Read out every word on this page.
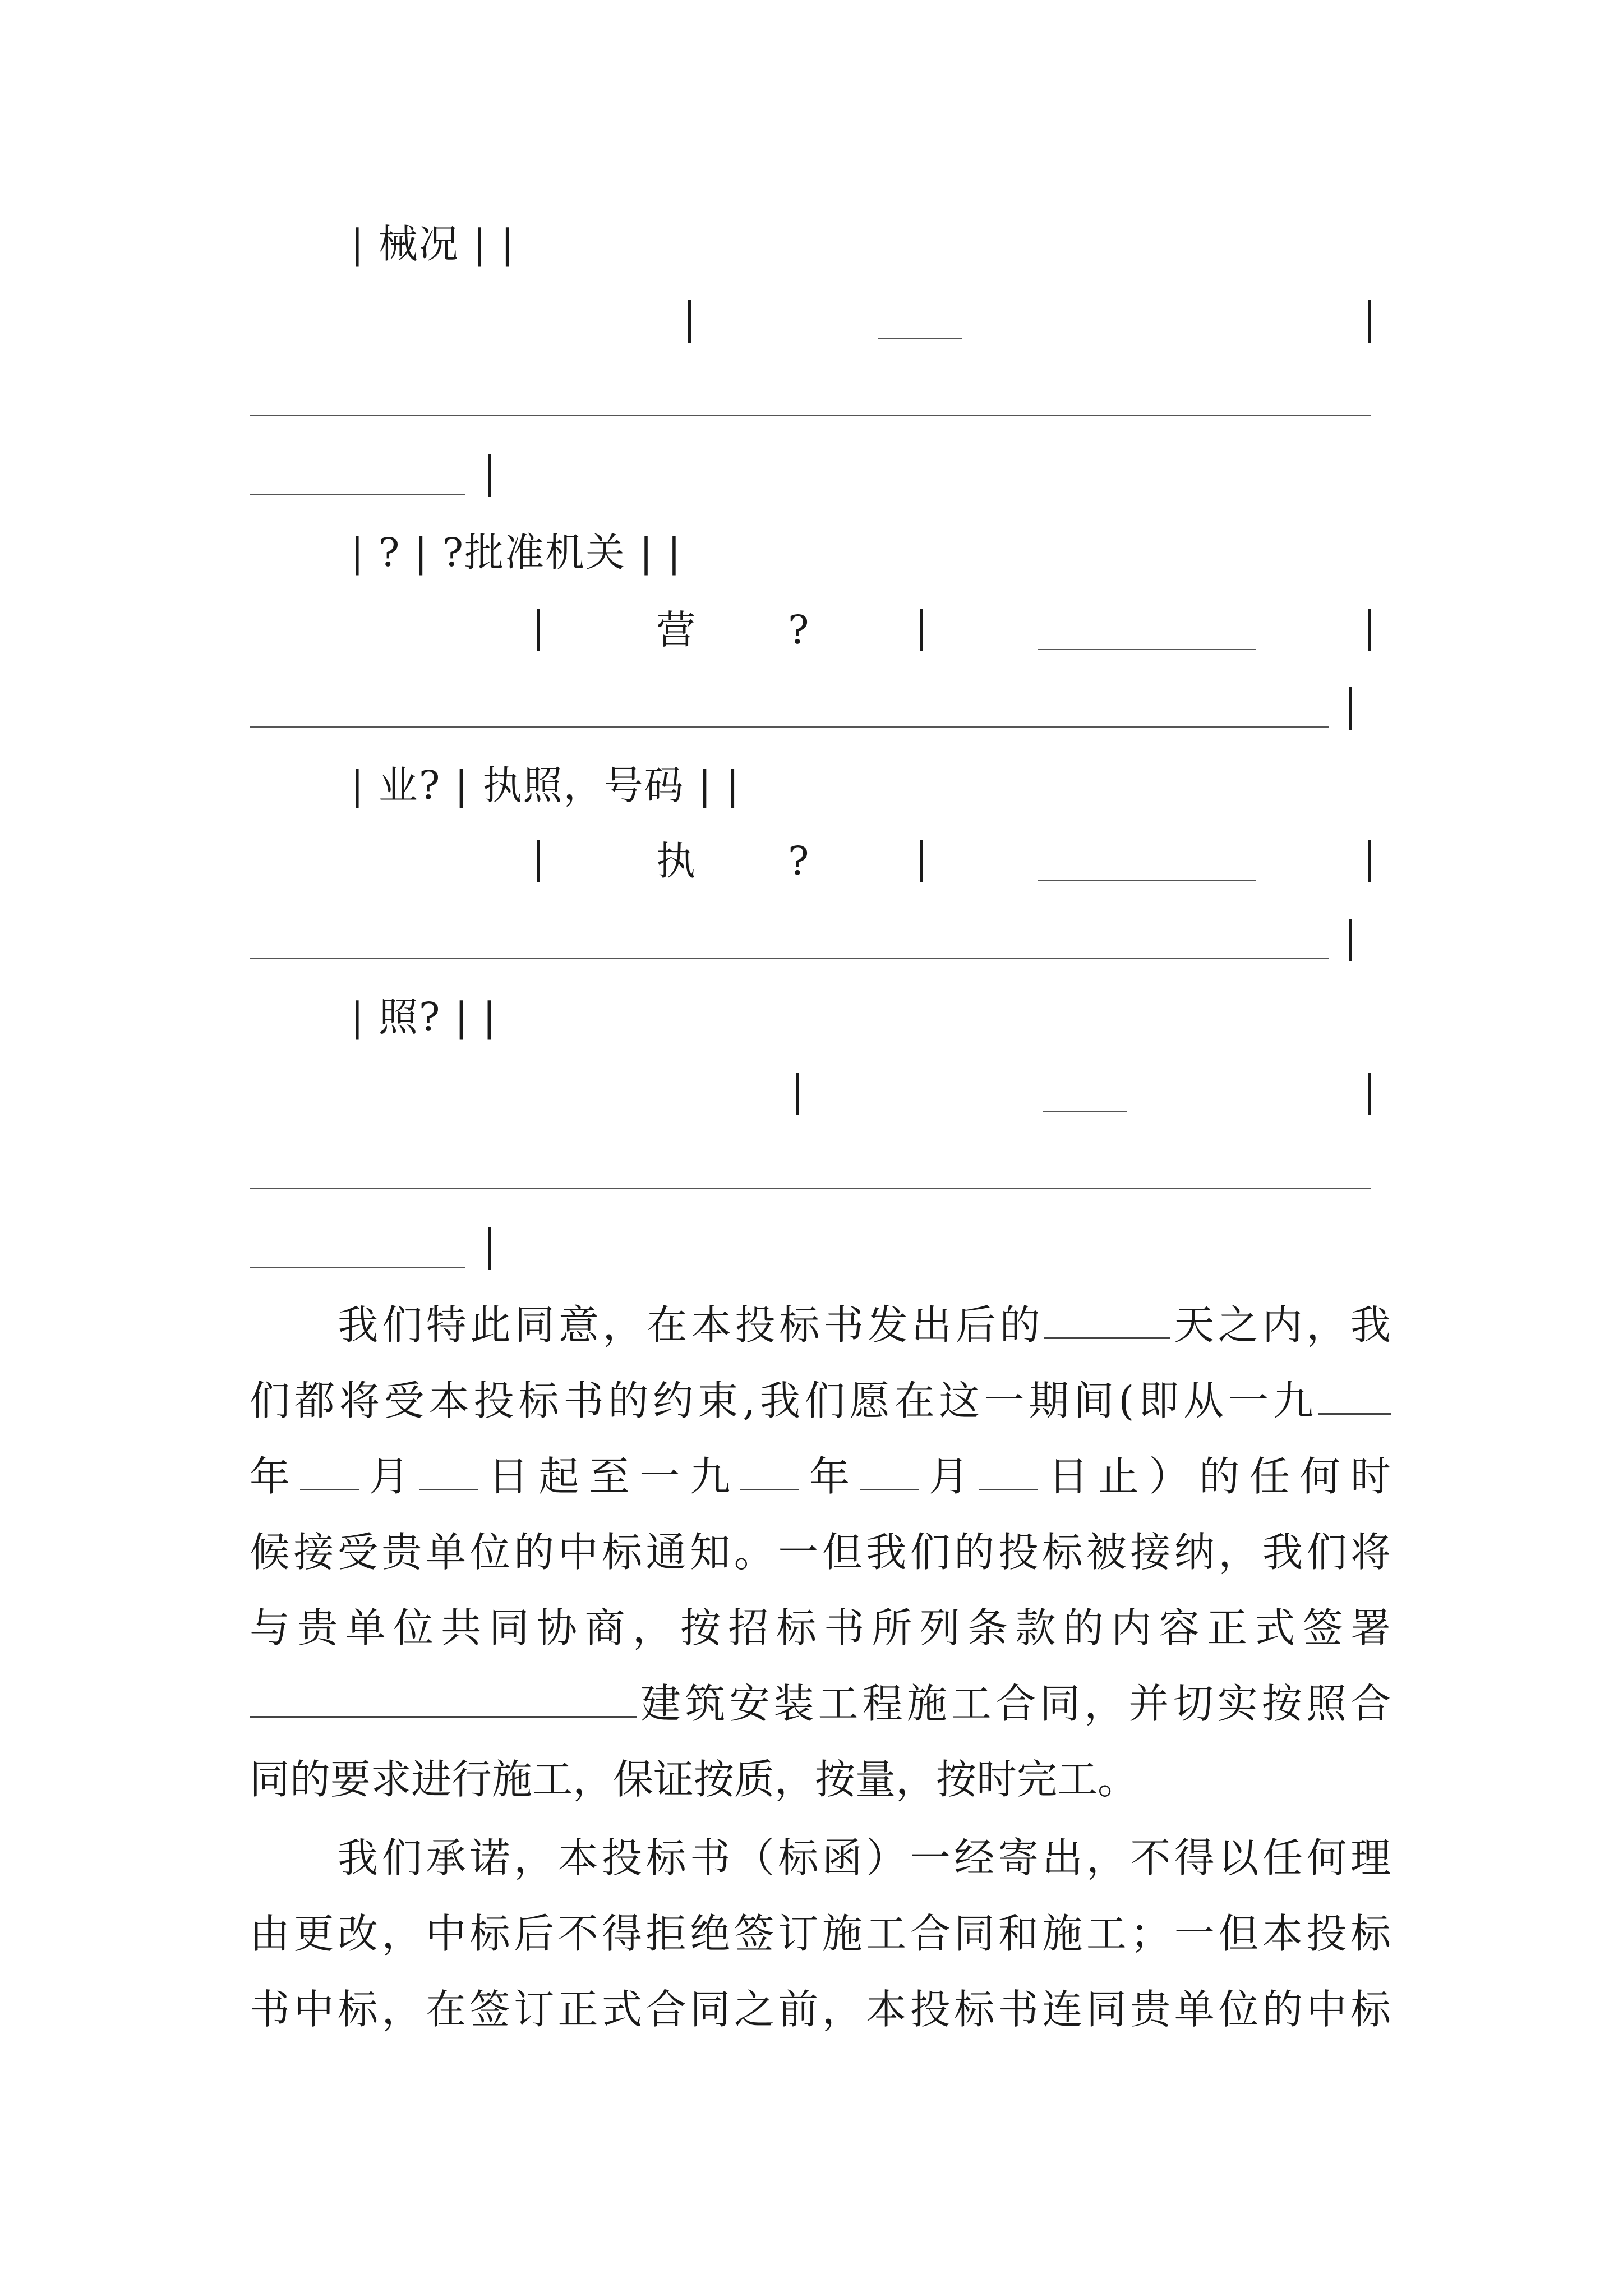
| 械况 | |
| ? | ?批准机关 | |
营 ?
| 业? | 执照，号码 | |
执 ?
| 照? | |
　　我们特此同意，在本投标书发出后的	天之内，我
们都将受本投标书的约束,我们愿在这一期间(即从一九
年 月 日起至一九 年 月 日止）的任何时
候接受贵单位的中标通知。一但我们的投标被接纳，我们将
与贵单位共同协商，按招标书所列条款的内容正式签署
建筑安装工程施工合同，并切实按照合
同的要求进行施工，保证按质，按量，按时完工。
　　我们承诺，本投标书（标函）一经寄出，不得以任何理
由更改，中标后不得拒绝签订施工合同和施工；一但本投标
书中标，在签订正式合同之前，本投标书连同贵单位的中标
